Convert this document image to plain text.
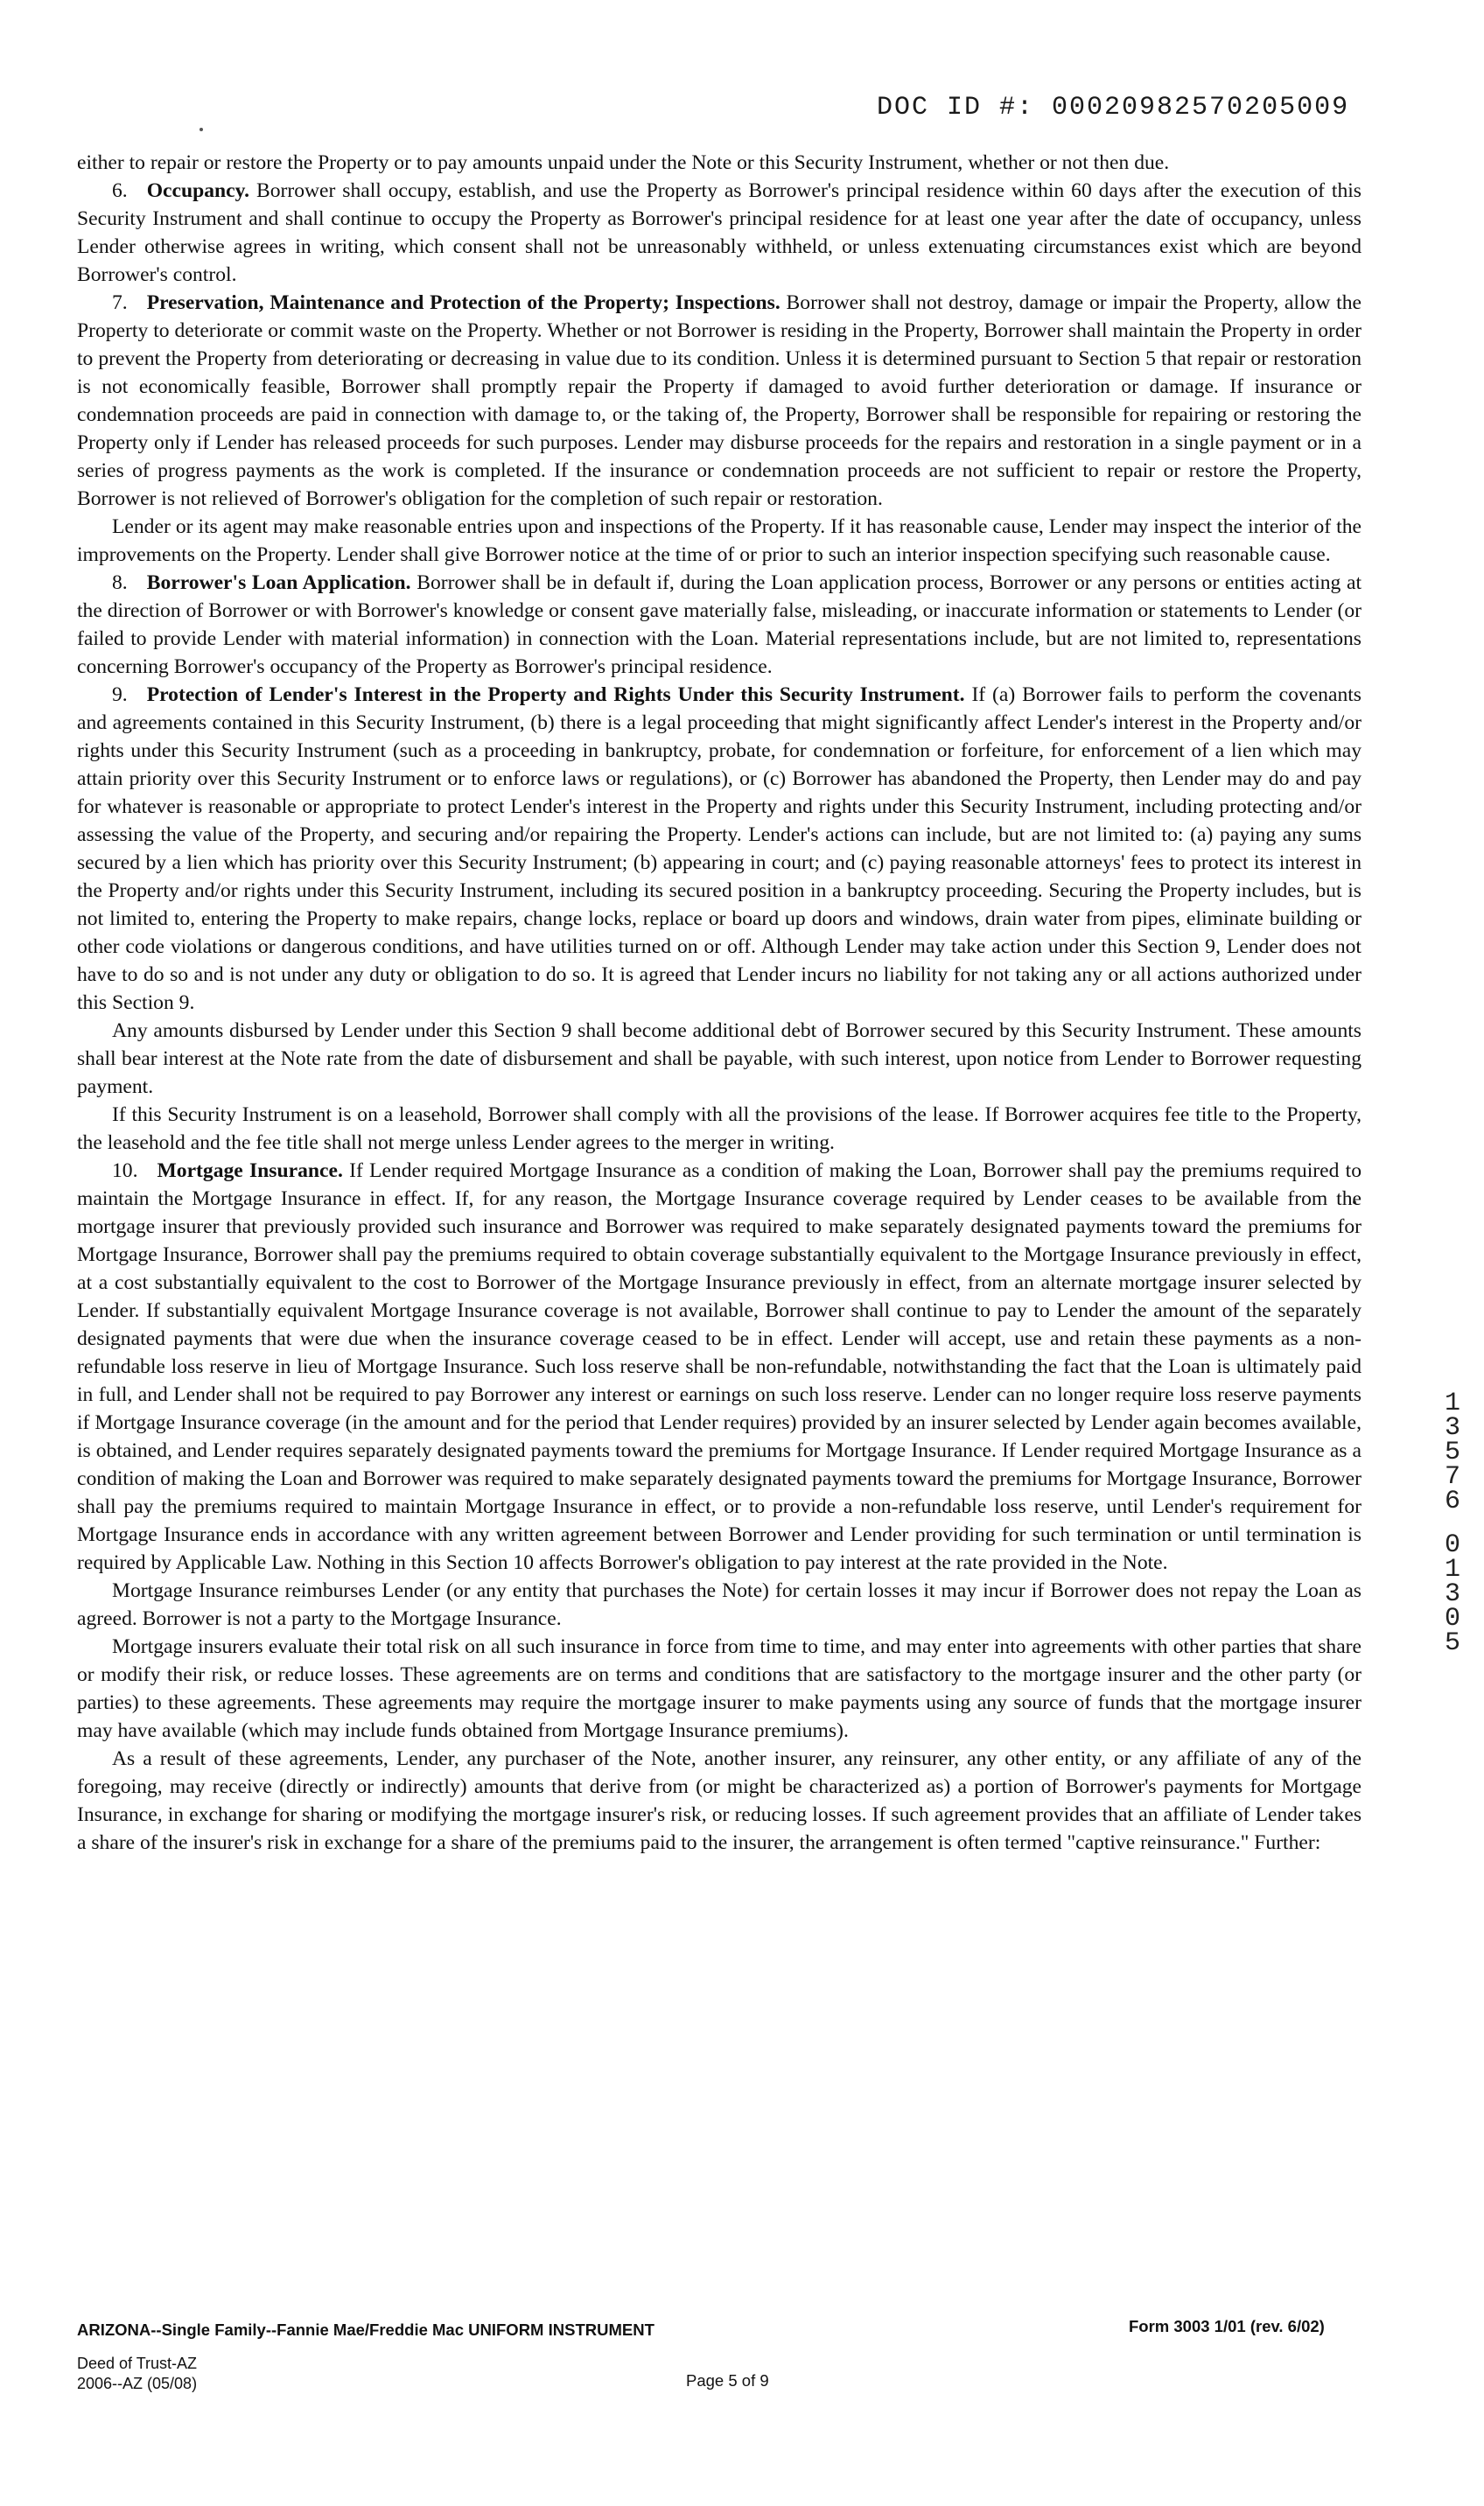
DOC ID #: 00020982570205009

either to repair or restore the Property or to pay amounts unpaid under the Note or this Security Instrument, whether or not then due.

6. Occupancy. Borrower shall occupy, establish, and use the Property as Borrower's principal residence within 60 days after the execution of this Security Instrument and shall continue to occupy the Property as Borrower's principal residence for at least one year after the date of occupancy, unless Lender otherwise agrees in writing, which consent shall not be unreasonably withheld, or unless extenuating circumstances exist which are beyond Borrower's control.

7. Preservation, Maintenance and Protection of the Property; Inspections. Borrower shall not destroy, damage or impair the Property, allow the Property to deteriorate or commit waste on the Property. Whether or not Borrower is residing in the Property, Borrower shall maintain the Property in order to prevent the Property from deteriorating or decreasing in value due to its condition. Unless it is determined pursuant to Section 5 that repair or restoration is not economically feasible, Borrower shall promptly repair the Property if damaged to avoid further deterioration or damage. If insurance or condemnation proceeds are paid in connection with damage to, or the taking of, the Property, Borrower shall be responsible for repairing or restoring the Property only if Lender has released proceeds for such purposes. Lender may disburse proceeds for the repairs and restoration in a single payment or in a series of progress payments as the work is completed. If the insurance or condemnation proceeds are not sufficient to repair or restore the Property, Borrower is not relieved of Borrower's obligation for the completion of such repair or restoration.

Lender or its agent may make reasonable entries upon and inspections of the Property. If it has reasonable cause, Lender may inspect the interior of the improvements on the Property. Lender shall give Borrower notice at the time of or prior to such an interior inspection specifying such reasonable cause.

8. Borrower's Loan Application. Borrower shall be in default if, during the Loan application process, Borrower or any persons or entities acting at the direction of Borrower or with Borrower's knowledge or consent gave materially false, misleading, or inaccurate information or statements to Lender (or failed to provide Lender with material information) in connection with the Loan. Material representations include, but are not limited to, representations concerning Borrower's occupancy of the Property as Borrower's principal residence.

9. Protection of Lender's Interest in the Property and Rights Under this Security Instrument. If (a) Borrower fails to perform the covenants and agreements contained in this Security Instrument, (b) there is a legal proceeding that might significantly affect Lender's interest in the Property and/or rights under this Security Instrument (such as a proceeding in bankruptcy, probate, for condemnation or forfeiture, for enforcement of a lien which may attain priority over this Security Instrument or to enforce laws or regulations), or (c) Borrower has abandoned the Property, then Lender may do and pay for whatever is reasonable or appropriate to protect Lender's interest in the Property and rights under this Security Instrument, including protecting and/or assessing the value of the Property, and securing and/or repairing the Property. Lender's actions can include, but are not limited to: (a) paying any sums secured by a lien which has priority over this Security Instrument; (b) appearing in court; and (c) paying reasonable attorneys' fees to protect its interest in the Property and/or rights under this Security Instrument, including its secured position in a bankruptcy proceeding. Securing the Property includes, but is not limited to, entering the Property to make repairs, change locks, replace or board up doors and windows, drain water from pipes, eliminate building or other code violations or dangerous conditions, and have utilities turned on or off. Although Lender may take action under this Section 9, Lender does not have to do so and is not under any duty or obligation to do so. It is agreed that Lender incurs no liability for not taking any or all actions authorized under this Section 9.

Any amounts disbursed by Lender under this Section 9 shall become additional debt of Borrower secured by this Security Instrument. These amounts shall bear interest at the Note rate from the date of disbursement and shall be payable, with such interest, upon notice from Lender to Borrower requesting payment.

If this Security Instrument is on a leasehold, Borrower shall comply with all the provisions of the lease. If Borrower acquires fee title to the Property, the leasehold and the fee title shall not merge unless Lender agrees to the merger in writing.

10. Mortgage Insurance. If Lender required Mortgage Insurance as a condition of making the Loan, Borrower shall pay the premiums required to maintain the Mortgage Insurance in effect. If, for any reason, the Mortgage Insurance coverage required by Lender ceases to be available from the mortgage insurer that previously provided such insurance and Borrower was required to make separately designated payments toward the premiums for Mortgage Insurance, Borrower shall pay the premiums required to obtain coverage substantially equivalent to the Mortgage Insurance previously in effect, at a cost substantially equivalent to the cost to Borrower of the Mortgage Insurance previously in effect, from an alternate mortgage insurer selected by Lender. If substantially equivalent Mortgage Insurance coverage is not available, Borrower shall continue to pay to Lender the amount of the separately designated payments that were due when the insurance coverage ceased to be in effect. Lender will accept, use and retain these payments as a non-refundable loss reserve in lieu of Mortgage Insurance. Such loss reserve shall be non-refundable, notwithstanding the fact that the Loan is ultimately paid in full, and Lender shall not be required to pay Borrower any interest or earnings on such loss reserve. Lender can no longer require loss reserve payments if Mortgage Insurance coverage (in the amount and for the period that Lender requires) provided by an insurer selected by Lender again becomes available, is obtained, and Lender requires separately designated payments toward the premiums for Mortgage Insurance. If Lender required Mortgage Insurance as a condition of making the Loan and Borrower was required to make separately designated payments toward the premiums for Mortgage Insurance, Borrower shall pay the premiums required to maintain Mortgage Insurance in effect, or to provide a non-refundable loss reserve, until Lender's requirement for Mortgage Insurance ends in accordance with any written agreement between Borrower and Lender providing for such termination or until termination is required by Applicable Law. Nothing in this Section 10 affects Borrower's obligation to pay interest at the rate provided in the Note.

Mortgage Insurance reimburses Lender (or any entity that purchases the Note) for certain losses it may incur if Borrower does not repay the Loan as agreed. Borrower is not a party to the Mortgage Insurance.

Mortgage insurers evaluate their total risk on all such insurance in force from time to time, and may enter into agreements with other parties that share or modify their risk, or reduce losses. These agreements are on terms and conditions that are satisfactory to the mortgage insurer and the other party (or parties) to these agreements. These agreements may require the mortgage insurer to make payments using any source of funds that the mortgage insurer may have available (which may include funds obtained from Mortgage Insurance premiums).

As a result of these agreements, Lender, any purchaser of the Note, another insurer, any reinsurer, any other entity, or any affiliate of any of the foregoing, may receive (directly or indirectly) amounts that derive from (or might be characterized as) a portion of Borrower's payments for Mortgage Insurance, in exchange for sharing or modifying the mortgage insurer's risk, or reducing losses. If such agreement provides that an affiliate of Lender takes a share of the insurer's risk in exchange for a share of the premiums paid to the insurer, the arrangement is often termed "captive reinsurance." Further:

1
3
5
7
6
0
1
3
0
5
ARIZONA--Single Family--Fannie Mae/Freddie Mac UNIFORM INSTRUMENT	Form 3003 1/01 (rev. 6/02)
Deed of Trust-AZ
2006--AZ (05/08)	Page 5 of 9
